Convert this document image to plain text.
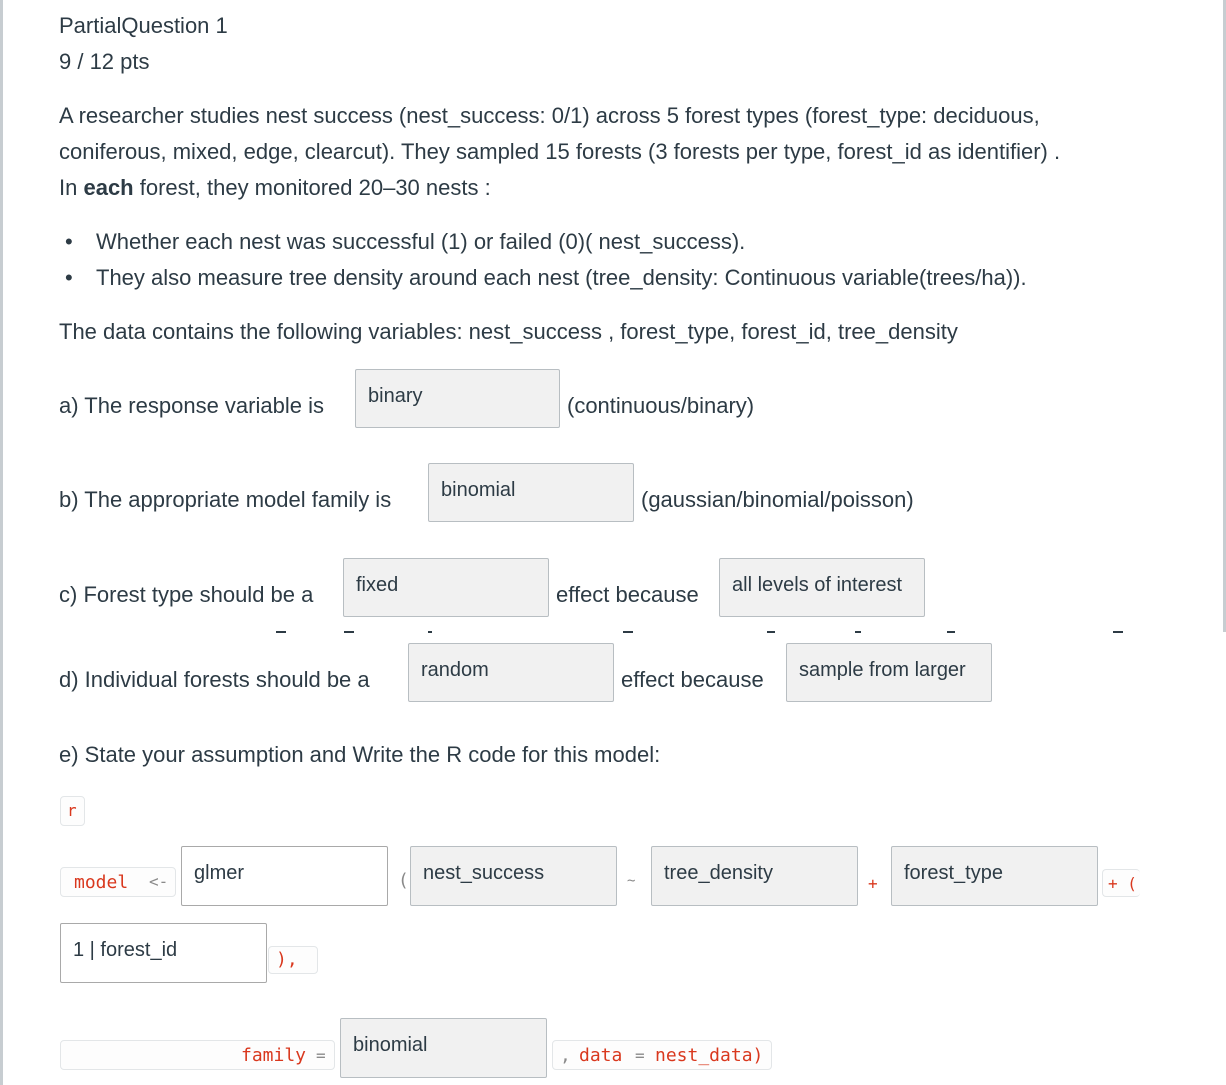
PartialQuestion 1
9 / 12 pts
A researcher studies nest success (nest_success: 0/1) across 5 forest types (forest_type: deciduous,
coniferous, mixed, edge, clearcut). They sampled 15 forests (3 forests per type, forest_id as identifier) .
In each forest, they monitored 20–30 nests :
• Whether each nest was successful (1) or failed (0)( nest_success).
• They also measure tree density around each nest (tree_density: Continuous variable(trees/ha)).
The data contains the following variables: nest_success , forest_type, forest_id, tree_density
a) The response variable is	binary	(continuous/binary)
b) The appropriate model family is	binomial	(gaussian/binomial/poisson)
c) Forest type should be a	fixed	effect because	all levels of interest
d) Individual forests should be a	random	effect because	sample from larger
e) State your assumption and Write the R code for this model:
r
model <-	glmer	( nest_success	~	tree_density	+	forest_type	+ (
1 | forest_id	),
family =	binomial	, data = nest_data)
